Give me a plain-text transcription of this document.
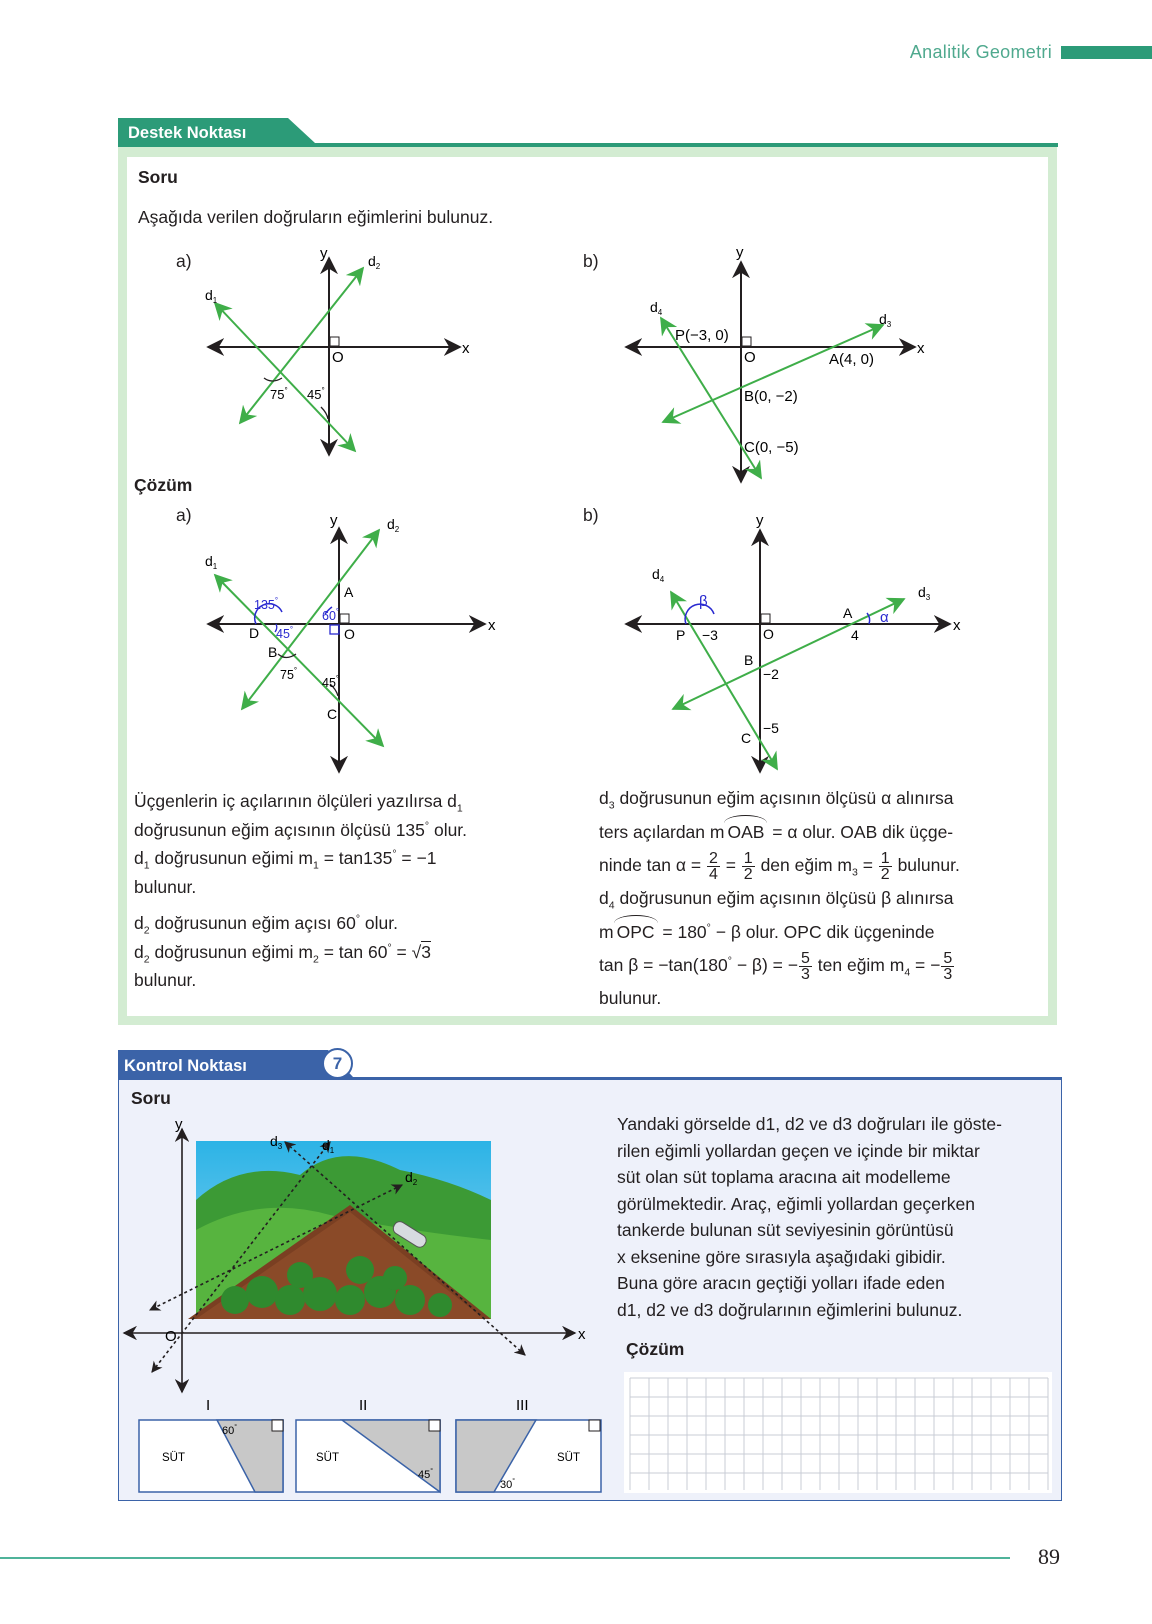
Analitik Geometri
Destek Noktası
Soru
Aşağıda verilen doğruların eğimlerini bulunuz.
a)	b)
Çözüm
a)	b)
y
x
O
$d_2$
$d_1$
75° 45°
y
x
O
$d_3$
$d_4$
P(−3, 0)
A(4, 0)
B(0, −2)
C(0, −5)
y
x
O
$d_2$
$d_1$
135°
60°
45°
A
D
B
75°
45°
C
y
x
O
$d_3$
$d_4$
β
α
A
4
P −3
B
−2
−5
C
Üçgenlerin iç açılarının ölçüleri yazılırsa $d_1$
doğrusunun eğim açısının ölçüsü 135° olur.
$d_1$ doğrusunun eğimi $m_1 = \tan 135^\circ = -1$
bulunur.
$d_2$ doğrusunun eğim açısı 60° olur.
$d_2$ doğrusunun eğimi $m_2 = \tan 60^\circ = √3$
bulunur.
$d_3$ doğrusunun eğim açısının ölçüsü α alınırsa
ters açılardan m OAB = α olur. OAB dik üçge-
ninde $\tan \alpha = \frac{2}{4} = \frac{1}{2}$ den eğim $m_3 = \frac{1}{2}$ bulunur.
$d_4$ doğrusunun eğim açısının ölçüsü β alınırsa
m OPC = 180° − β olur. OPC dik üçgeninde
tan β = −tan(180° − β) = − $\frac{5}{3}$ ten eğim $m_4$ = − $\frac{5}{3}$
bulunur.
Kontrol Noktası	7
Soru
y
x
O
$d_3$	$d_1$
$d_2$
I	II	III
60°
SÜT
45°
SÜT
30°
SÜT
Yandaki görselde d1, d2 ve d3 doğruları ile göste-
rilen eğimli yollardan geçen ve içinde bir miktar
süt olan süt toplama aracına ait modelleme
görülmektedir. Araç, eğimli yollardan geçerken
tankerde bulunan süt seviyesinin görüntüsü
x eksenine göre sırasıyla aşağıdaki gibidir.
Buna göre aracın geçtiği yolları ifade eden
d1, d2 ve d3 doğrularının eğimlerini bulunuz.
Çözüm
89
